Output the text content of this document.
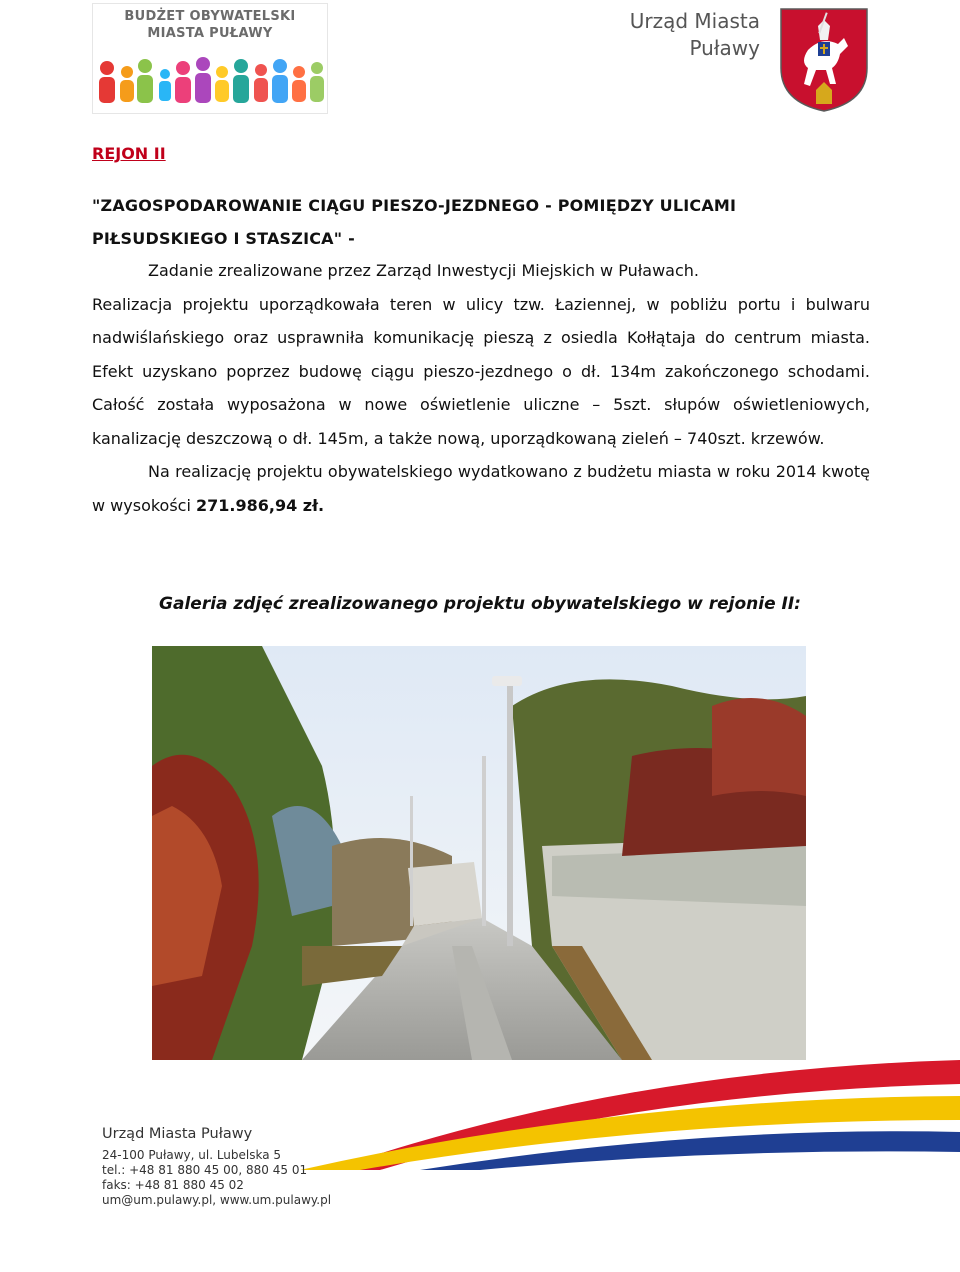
BUDŻET OBYWATELSKI
MIASTA PUŁAWY
Urząd Miasta
Puławy
REJON II
"ZAGOSPODAROWANIE CIĄGU PIESZO-JEZDNEGO - POMIĘDZY ULICAMI PIŁSUDSKIEGO I STASZICA" -

Zadanie zrealizowane przez Zarząd Inwestycji Miejskich w Puławach.

Realizacja projektu uporządkowała teren w ulicy tzw. Łaziennej, w pobliżu portu i bulwaru nadwiślańskiego oraz usprawniła komunikację pieszą z osiedla Kołłątaja do centrum miasta. Efekt uzyskano poprzez budowę ciągu pieszo-jezdnego o dł. 134m zakończonego schodami. Całość została wyposażona w nowe oświetlenie uliczne – 5szt. słupów oświetleniowych, kanalizację deszczową o dł. 145m, a także nową, uporządkowaną zieleń – 740szt. krzewów.

Na realizację projektu obywatelskiego wydatkowano z budżetu miasta w roku 2014 kwotę w wysokości 271.986,94 zł.

Galeria zdjęć zrealizowanego projektu obywatelskiego w rejonie II:
Urząd Miasta Puławy
24-100 Puławy, ul. Lubelska 5
tel.: +48 81 880 45 00, 880 45 01
faks: +48 81 880 45 02
um@um.pulawy.pl, www.um.pulawy.pl
